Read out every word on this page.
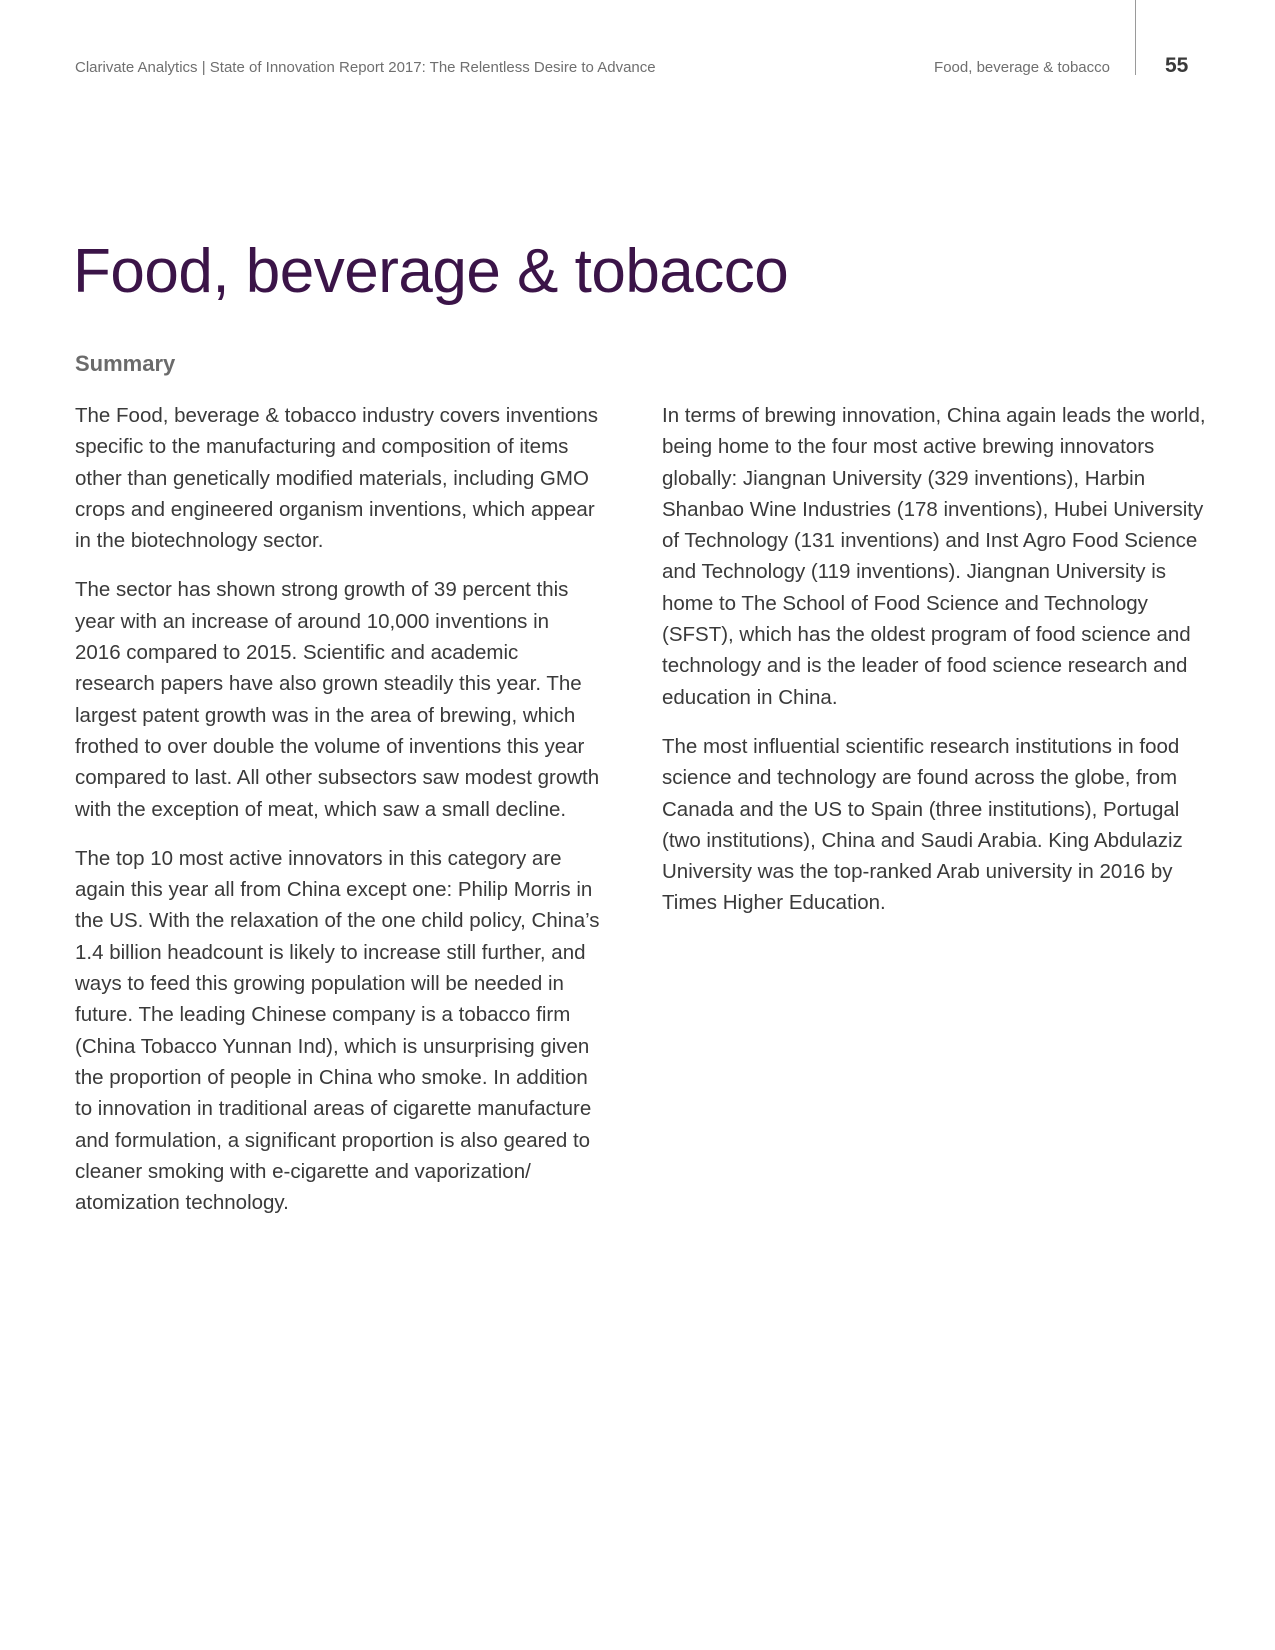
Clarivate Analytics | State of Innovation Report 2017: The Relentless Desire to Advance	Food, beverage & tobacco	55
Food, beverage & tobacco
Summary

The Food, beverage & tobacco industry covers inventions specific to the manufacturing and composition of items other than genetically modified materials, including GMO crops and engineered organism inventions, which appear in the biotechnology sector.

The sector has shown strong growth of 39 percent this year with an increase of around 10,000 inventions in 2016 compared to 2015. Scientific and academic research papers have also grown steadily this year. The largest patent growth was in the area of brewing, which frothed to over double the volume of inventions this year compared to last. All other subsectors saw modest growth with the exception of meat, which saw a small decline.

The top 10 most active innovators in this category are again this year all from China except one: Philip Morris in the US. With the relaxation of the one child policy, China’s 1.4 billion headcount is likely to increase still further, and ways to feed this growing population will be needed in future. The leading Chinese company is a tobacco firm (China Tobacco Yunnan Ind), which is unsurprising given the proportion of people in China who smoke. In addition to innovation in traditional areas of cigarette manufacture and formulation, a significant proportion is also geared to cleaner smoking with e-cigarette and vaporization/ atomization technology.

In terms of brewing innovation, China again leads the world, being home to the four most active brewing innovators globally: Jiangnan University (329 inventions), Harbin Shanbao Wine Industries (178 inventions), Hubei University of Technology (131 inventions) and Inst Agro Food Science and Technology (119 inventions). Jiangnan University is home to The School of Food Science and Technology (SFST), which has the oldest program of food science and technology and is the leader of food science research and education in China.

The most influential scientific research institutions in food science and technology are found across the globe, from Canada and the US to Spain (three institutions), Portugal (two institutions), China and Saudi Arabia. King Abdulaziz University was the top-ranked Arab university in 2016 by Times Higher Education.
